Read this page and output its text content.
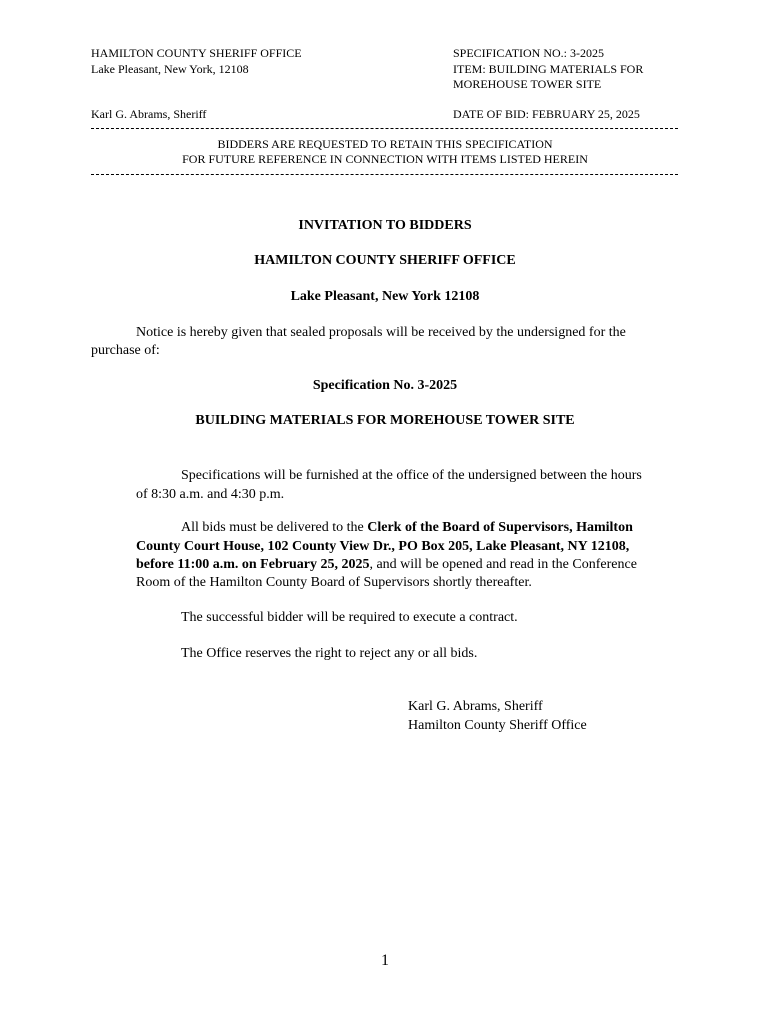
HAMILTON COUNTY SHERIFF OFFICE
Lake Pleasant, New York, 12108
Karl G. Abrams, Sheriff
SPECIFICATION NO.: 3-2025
ITEM: BUILDING MATERIALS FOR
MOREHOUSE TOWER SITE
DATE OF BID: FEBRUARY 25, 2025
BIDDERS ARE REQUESTED TO RETAIN THIS SPECIFICATION
FOR FUTURE REFERENCE IN CONNECTION WITH ITEMS LISTED HEREIN
INVITATION TO BIDDERS
HAMILTON COUNTY SHERIFF OFFICE
Lake Pleasant, New York 12108
Notice is hereby given that sealed proposals will be received by the undersigned for the
purchase of:
Specification No. 3-2025
BUILDING MATERIALS FOR MOREHOUSE TOWER SITE
Specifications will be furnished at the office of the undersigned between the hours
of 8:30 a.m. and 4:30 p.m.
All bids must be delivered to the Clerk of the Board of Supervisors, Hamilton
County Court House, 102 County View Dr., PO Box 205, Lake Pleasant, NY 12108,
before 11:00 a.m. on February 25, 2025, and will be opened and read in the Conference
Room of the Hamilton County Board of Supervisors shortly thereafter.
The successful bidder will be required to execute a contract.
The Office reserves the right to reject any or all bids.
Karl G. Abrams, Sheriff
Hamilton County Sheriff Office
1
